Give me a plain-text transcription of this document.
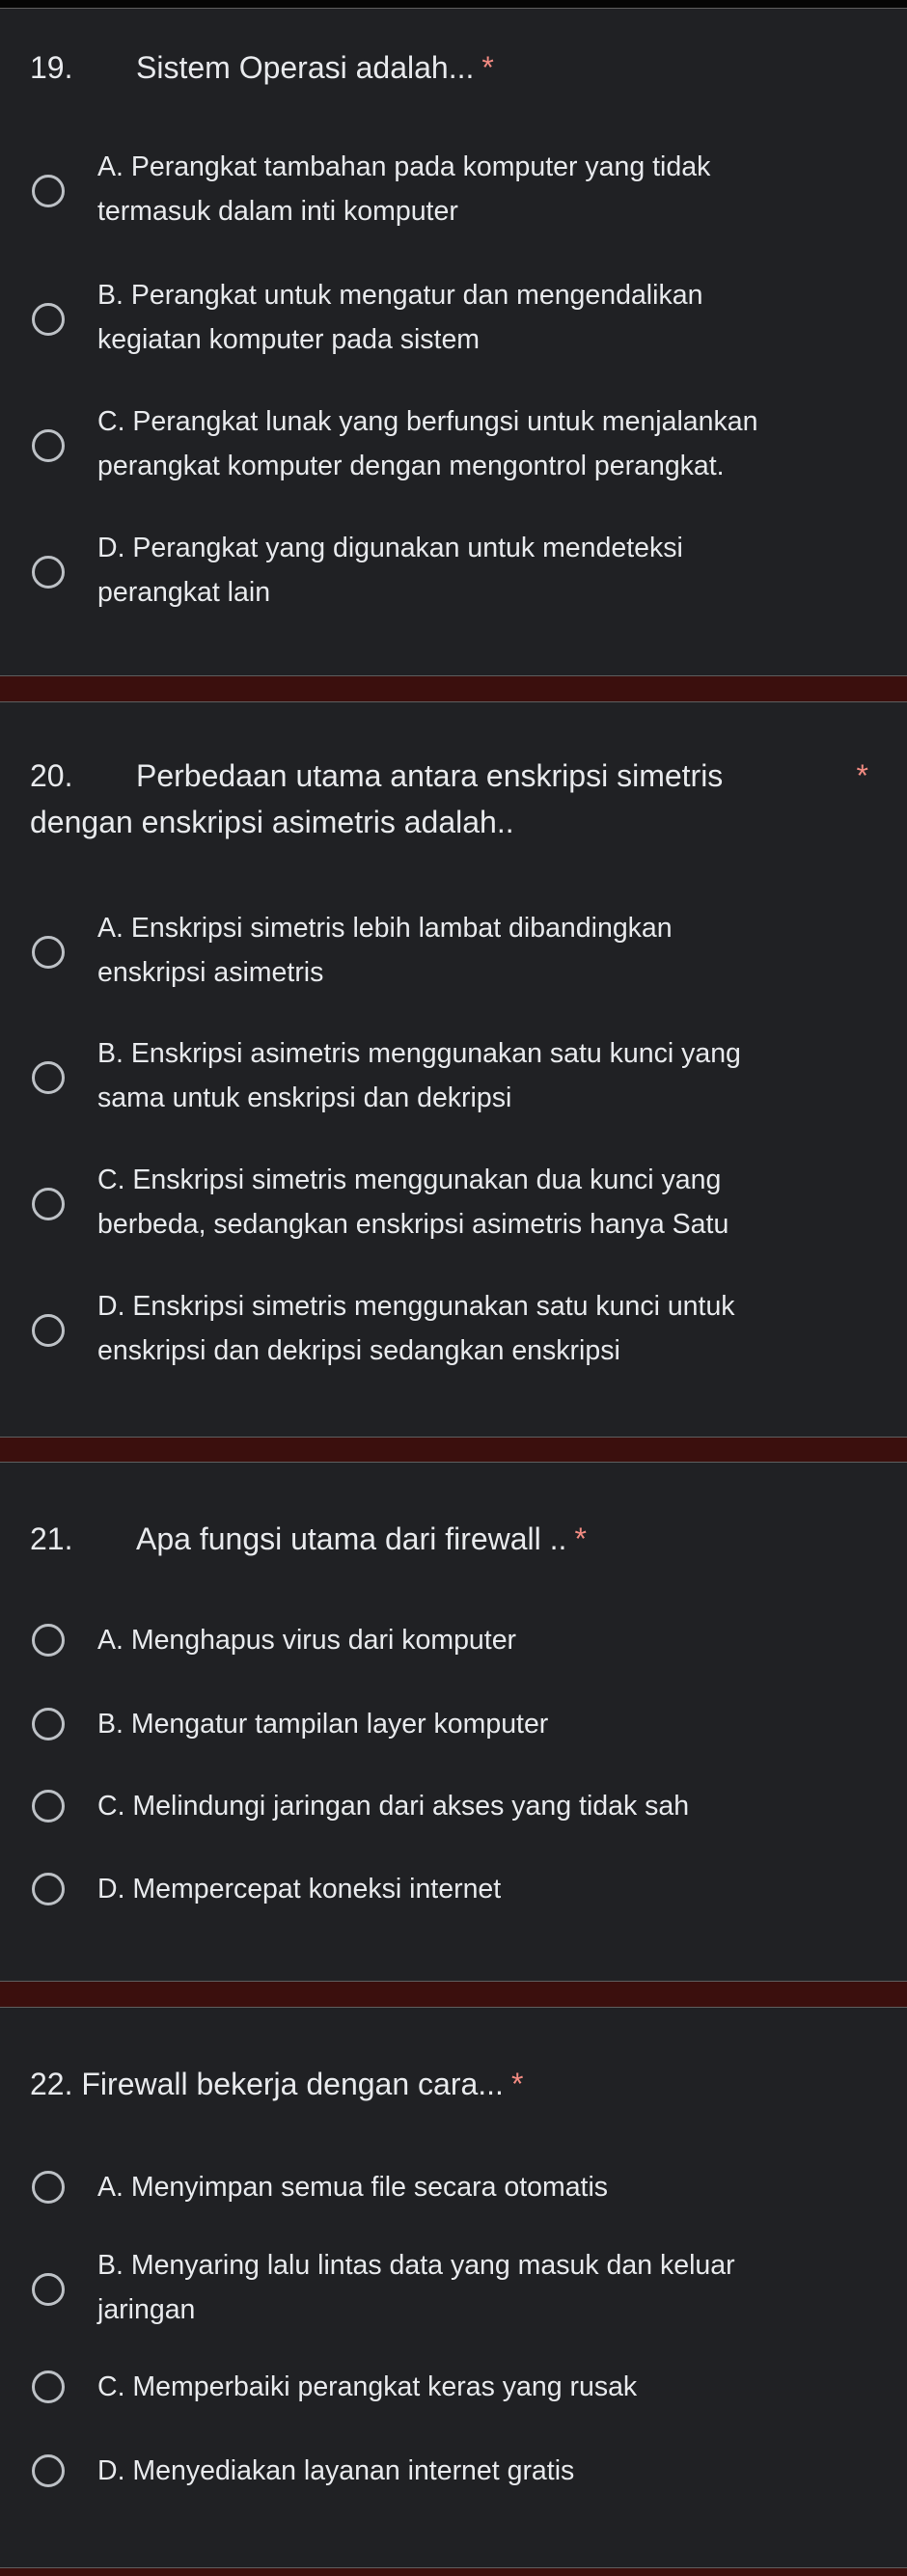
19. Sistem Operasi adalah... *
A. Perangkat tambahan pada komputer yang tidak
termasuk dalam inti komputer
B. Perangkat untuk mengatur dan mengendalikan
kegiatan komputer pada sistem
C. Perangkat lunak yang berfungsi untuk menjalankan
perangkat komputer dengan mengontrol perangkat.
D. Perangkat yang digunakan untuk mendeteksi
perangkat lain
20. Perbedaan utama antara enskripsi simetris	*

dengan enskripsi asimetris adalah..
A. Enskripsi simetris lebih lambat dibandingkan
enskripsi asimetris
B. Enskripsi asimetris menggunakan satu kunci yang
sama untuk enskripsi dan dekripsi
C. Enskripsi simetris menggunakan dua kunci yang
berbeda, sedangkan enskripsi asimetris hanya Satu
D. Enskripsi simetris menggunakan satu kunci untuk
enskripsi dan dekripsi sedangkan enskripsi
21. Apa fungsi utama dari firewall .. *
A. Menghapus virus dari komputer
B. Mengatur tampilan layer komputer
C. Melindungi jaringan dari akses yang tidak sah
D. Mempercepat koneksi internet
22. Firewall bekerja dengan cara... *
A. Menyimpan semua file secara otomatis
B. Menyaring lalu lintas data yang masuk dan keluar
jaringan
C. Memperbaiki perangkat keras yang rusak
D. Menyediakan layanan internet gratis
